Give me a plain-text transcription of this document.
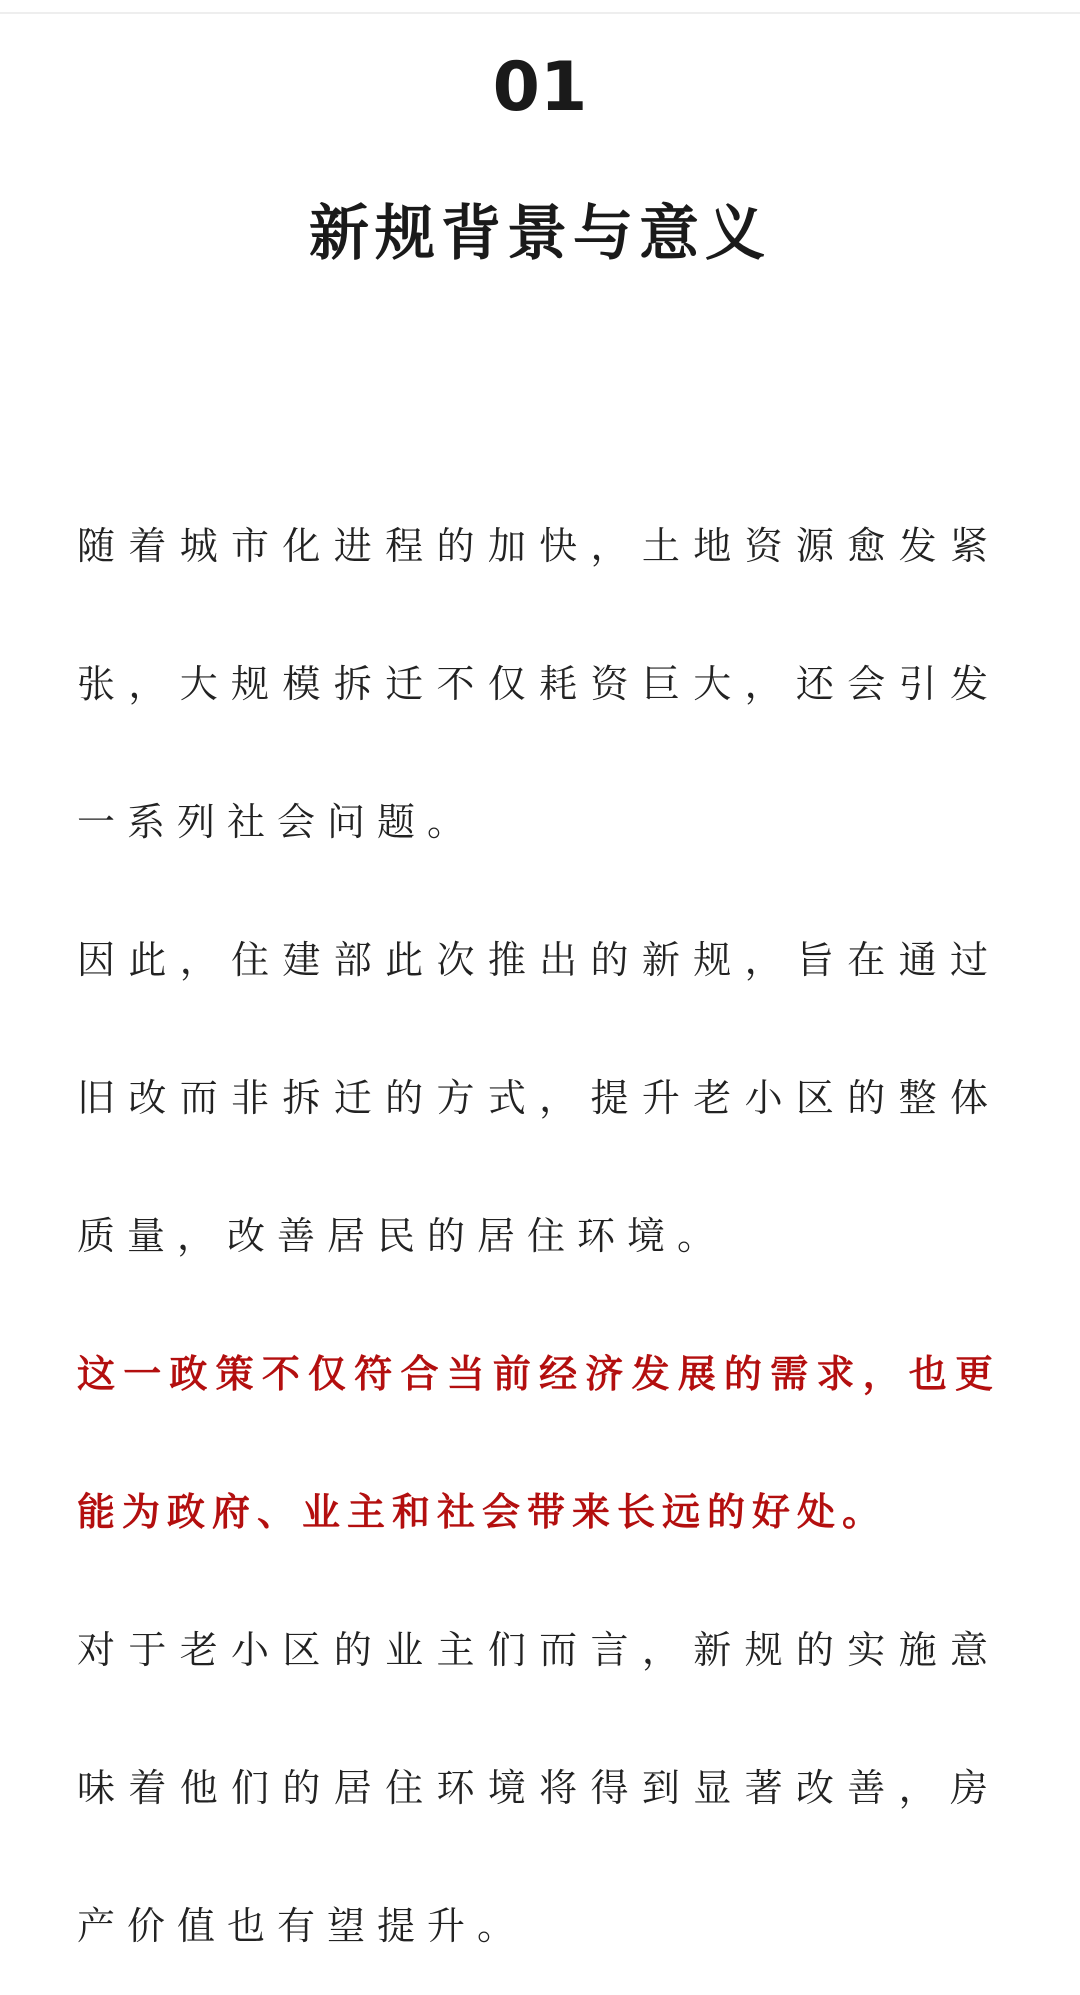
01
新规背景与意义

随着城市化进程的加快，土地资源愈发紧张，大规模拆迁不仅耗资巨大，还会引发一系列社会问题。

因此，住建部此次推出的新规，旨在通过旧改而非拆迁的方式，提升老小区的整体质量，改善居民的居住环境。

这一政策不仅符合当前经济发展的需求，也更能为政府、业主和社会带来长远的好处。

对于老小区的业主们而言，新规的实施意味着他们的居住环境将得到显著改善，房产价值也有望提升。
